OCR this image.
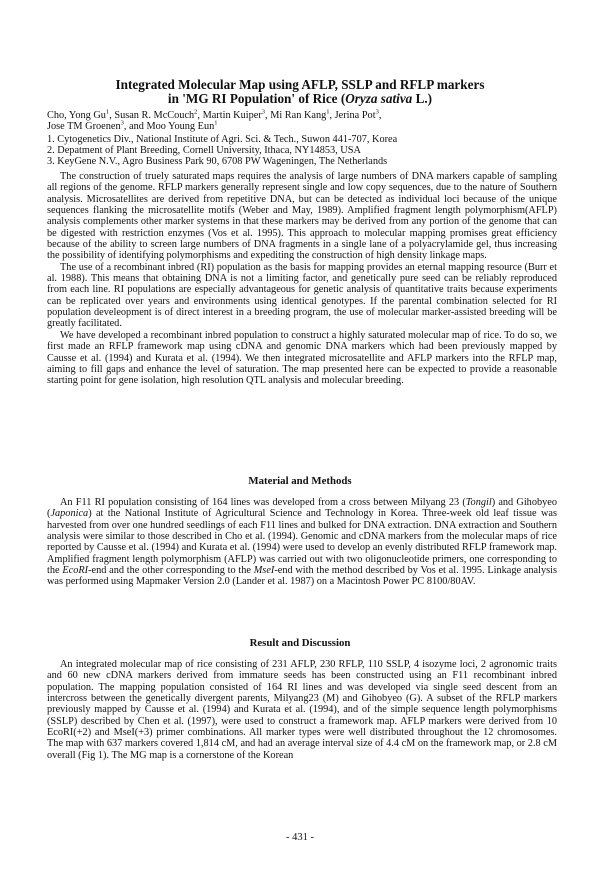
Integrated Molecular Map using AFLP, SSLP and RFLP markers

in 'MG RI Population' of Rice (Oryza sativa L.)

Cho, Yong Gu$^1$, Susan R. McCouch$^2$, Martin Kuiper$^3$, Mi Ran Kang$^1$, Jerina Pot$^3$,
Jose TM Groenen$^3$, and Moo Young Eun$^1$

1. Cytogenetics Div., National Institute of Agri. Sci. & Tech., Suwon 441-707, Korea

2. Depatment of Plant Breeding, Cornell University, Ithaca, NY14853, USA

3. KeyGene N.V., Agro Business Park 90, 6708 PW Wageningen, The Netherlands

The construction of truely saturated maps requires the analysis of large numbers of DNA markers capable of sampling all regions of the genome. RFLP markers generally represent single and low copy sequences, due to the nature of Southern analysis. Microsatellites are derived from repetitive DNA, but can be detected as individual loci because of the unique sequences flanking the microsatellite motifs (Weber and May, 1989). Amplified fragment length polymorphism(AFLP) analysis complements other marker systems in that these markers may be derived from any portion of the genome that can be digested with restriction enzymes (Vos et al. 1995). This approach to molecular mapping promises great efficiency because of the ability to screen large numbers of DNA fragments in a single lane of a polyacrylamide gel, thus increasing the possibility of identifying polymorphisms and expediting the construction of high density linkage maps.

The use of a recombinant inbred (RI) population as the basis for mapping provides an eternal mapping resource (Burr et al. 1988). This means that obtaining DNA is not a limiting factor, and genetically pure seed can be reliably reproduced from each line. RI populations are especially advantageous for genetic analysis of quantitative traits because experiments can be replicated over years and environments using identical genotypes. If the parental combination selected for RI population develeopment is of direct interest in a breeding program, the use of molecular marker-assisted breeding will be greatly facilitated.

We have developed a recombinant inbred population to construct a highly saturated molecular map of rice. To do so, we first made an RFLP framework map using cDNA and genomic DNA markers which had been previously mapped by Causse et al. (1994) and Kurata et al. (1994). We then integrated microsatellite and AFLP markers into the RFLP map, aiming to fill gaps and enhance the level of saturation. The map presented here can be expected to provide a reasonable starting point for gene isolation, high resolution QTL analysis and molecular breeding.

Material and Methods

An F11 RI population consisting of 164 lines was developed from a cross between Milyang 23 (Tongil) and Gihobyeo (Japonica) at the National Institute of Agricultural Science and Technology in Korea. Three-week old leaf tissue was harvested from over one hundred seedlings of each F11 lines and bulked for DNA extraction. DNA extraction and Southern analysis were similar to those described in Cho et al. (1994). Genomic and cDNA markers from the molecular maps of rice reported by Causse et al. (1994) and Kurata et al. (1994) were used to develop an evenly distributed RFLP framework map. Amplified fragment length polymorphism (AFLP) was carried out with two oligonucleotide primers, one corresponding to the EcoRI-end and the other corresponding to the MseI-end with the method described by Vos et al. 1995. Linkage analysis was performed using Mapmaker Version 2.0 (Lander et al. 1987) on a Macintosh Power PC 8100/80AV.

Result and Discussion

An integrated molecular map of rice consisting of 231 AFLP, 230 RFLP, 110 SSLP, 4 isozyme loci, 2 agronomic traits and 60 new cDNA markers derived from immature seeds has been constructed using an F11 recombinant inbred population. The mapping population consisted of 164 RI lines and was developed via single seed descent from an intercross between the genetically divergent parents, Milyang23 (M) and Gihobyeo (G). A subset of the RFLP markers previously mapped by Causse et al. (1994) and Kurata et al. (1994), and of the simple sequence length polymorphisms (SSLP) described by Chen et al. (1997), were used to construct a framework map. AFLP markers were derived from 10 EcoRI(+2) and MseI(+3) primer combinations. All marker types were well distributed throughout the 12 chromosomes. The map with 637 markers covered 1,814 cM, and had an average interval size of 4.4 cM on the framework map, or 2.8 cM overall (Fig 1). The MG map is a cornerstone of the Korean

- 431 -
